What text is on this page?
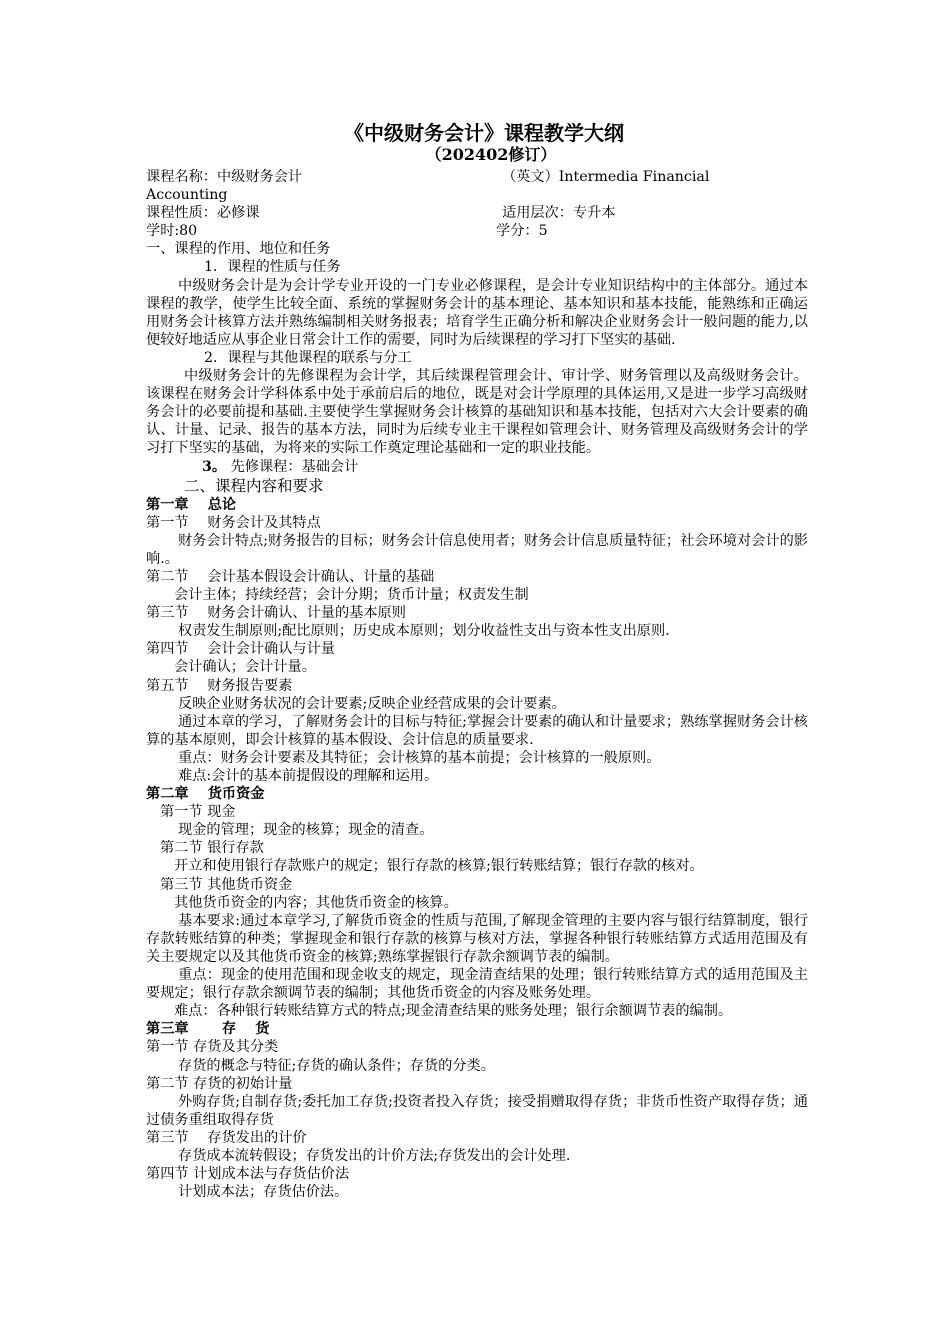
《中级财务会计》课程教学大纲

（202402修订）

课程名称：中级财务会计	（英文）Intermedia Financial

Accounting

课程性质：必修课	适用层次：专升本
学时:80	学分：5

一、课程的作用、地位和任务

1．课程的性质与任务

中级财务会计是为会计学专业开设的一门专业必修课程，是会计专业知识结构中的主体部分。通过本课程的教学，使学生比较全面、系统的掌握财务会计的基本理论、基本知识和基本技能，能熟练和正确运用财务会计核算方法并熟练编制相关财务报表；培育学生正确分析和解决企业财务会计一般问题的能力,以便较好地适应从事企业日常会计工作的需要，同时为后续课程的学习打下坚实的基础.

2．课程与其他课程的联系与分工

中级财务会计的先修课程为会计学，其后续课程管理会计、审计学、财务管理以及高级财务会计。该课程在财务会计学科体系中处于承前启后的地位，既是对会计学原理的具体运用,又是进一步学习高级财务会计的必要前提和基础.主要使学生掌握财务会计核算的基础知识和基本技能，包括对六大会计要素的确认、计量、记录、报告的基本方法，同时为后续专业主干课程如管理会计、财务管理及高级财务会计的学习打下坚实的基础，为将来的实际工作奠定理论基础和一定的职业技能。

3。 先修课程：基础会计

二、课程内容和要求

第一章　 总论

第一节　 财务会计及其特点

财务会计特点;财务报告的目标；财务会计信息使用者；财务会计信息质量特征；社会环境对会计的影响.。

第二节　 会计基本假设会计确认、计量的基础

会计主体；持续经营；会计分期；货币计量；权责发生制

第三节　 财务会计确认、计量的基本原则

权责发生制原则;配比原则；历史成本原则；划分收益性支出与资本性支出原则.

第四节　 会计会计确认与计量

会计确认；会计计量。

第五节　 财务报告要素

反映企业财务状况的会计要素;反映企业经营成果的会计要素。

通过本章的学习，了解财务会计的目标与特征;掌握会计要素的确认和计量要求；熟练掌握财务会计核算的基本原则，即会计核算的基本假设、会计信息的质量要求.

重点：财务会计要素及其特征；会计核算的基本前提；会计核算的一般原则。

难点:会计的基本前提假设的理解和运用。

第二章　 货币资金

第一节 现金

现金的管理；现金的核算；现金的清查。

第二节 银行存款

开立和使用银行存款账户的规定；银行存款的核算;银行转账结算；银行存款的核对。

第三节 其他货币资金

其他货币资金的内容；其他货币资金的核算。

基本要求:通过本章学习,了解货币资金的性质与范围,了解现金管理的主要内容与银行结算制度，银行存款转账结算的种类；掌握现金和银行存款的核算与核对方法，掌握各种银行转账结算方式适用范围及有关主要规定以及其他货币资金的核算;熟练掌握银行存款余额调节表的编制。

重点：现金的使用范围和现金收支的规定，现金清查结果的处理；银行转账结算方式的适用范围及主要规定；银行存款余额调节表的编制；其他货币资金的内容及账务处理。

难点：各种银行转账结算方式的特点;现金清查结果的账务处理；银行余额调节表的编制。

第三章　　 存　 货

第一节 存货及其分类

存货的概念与特征;存货的确认条件；存货的分类。

第二节 存货的初始计量

外购存货;自制存货;委托加工存货;投资者投入存货；接受捐赠取得存货；非货币性资产取得存货；通过债务重组取得存货

第三节　 存货发出的计价

存货成本流转假设；存货发出的计价方法;存货发出的会计处理.

第四节 计划成本法与存货估价法

计划成本法；存货估价法。
